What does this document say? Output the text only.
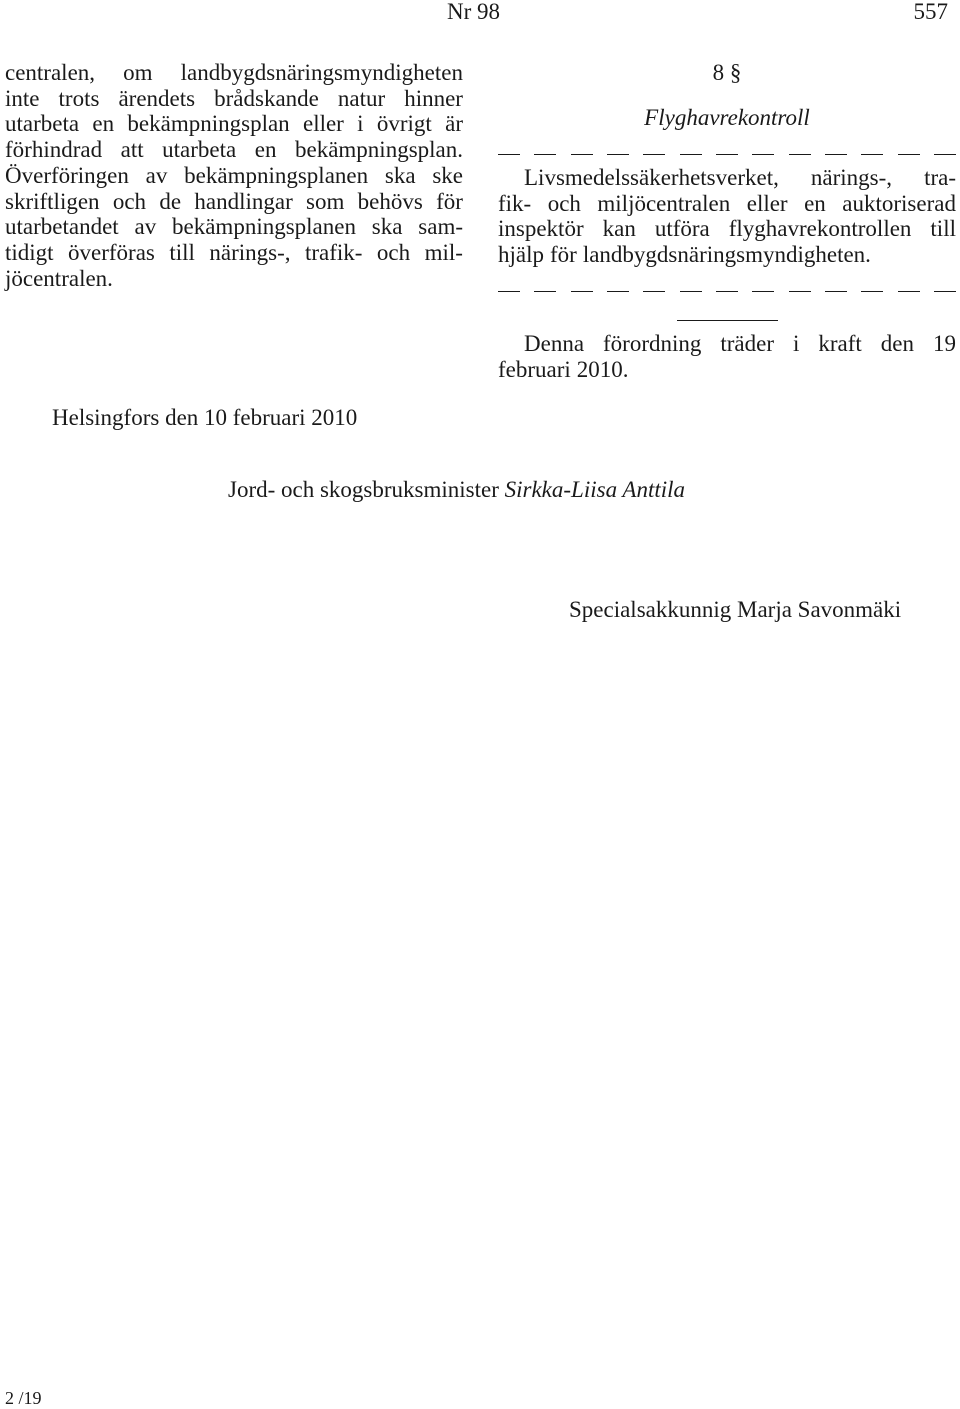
Nr 98	557
centralen, om landbygdsnäringsmyndigheten
inte trots ärendets brådskande natur hinner
utarbeta en bekämpningsplan eller i övrigt är
förhindrad att utarbeta en bekämpningsplan.
Överföringen av bekämpningsplanen ska ske
skriftligen och de handlingar som behövs för
utarbetandet av bekämpningsplanen ska sam-
tidigt överföras till närings-, trafik- och mil-
jöcentralen.
8 §
Flyghavrekontroll
Livsmedelssäkerhetsverket, närings-, tra-
fik- och miljöcentralen eller en auktoriserad
inspektör kan utföra flyghavrekontrollen till
hjälp för landbygdsnäringsmyndigheten.
Denna förordning träder i kraft den 19
februari 2010.
Helsingfors den 10 februari 2010
Jord- och skogsbruksminister Sirkka-Liisa Anttila
Specialsakkunnig Marja Savonmäki
2 /19
